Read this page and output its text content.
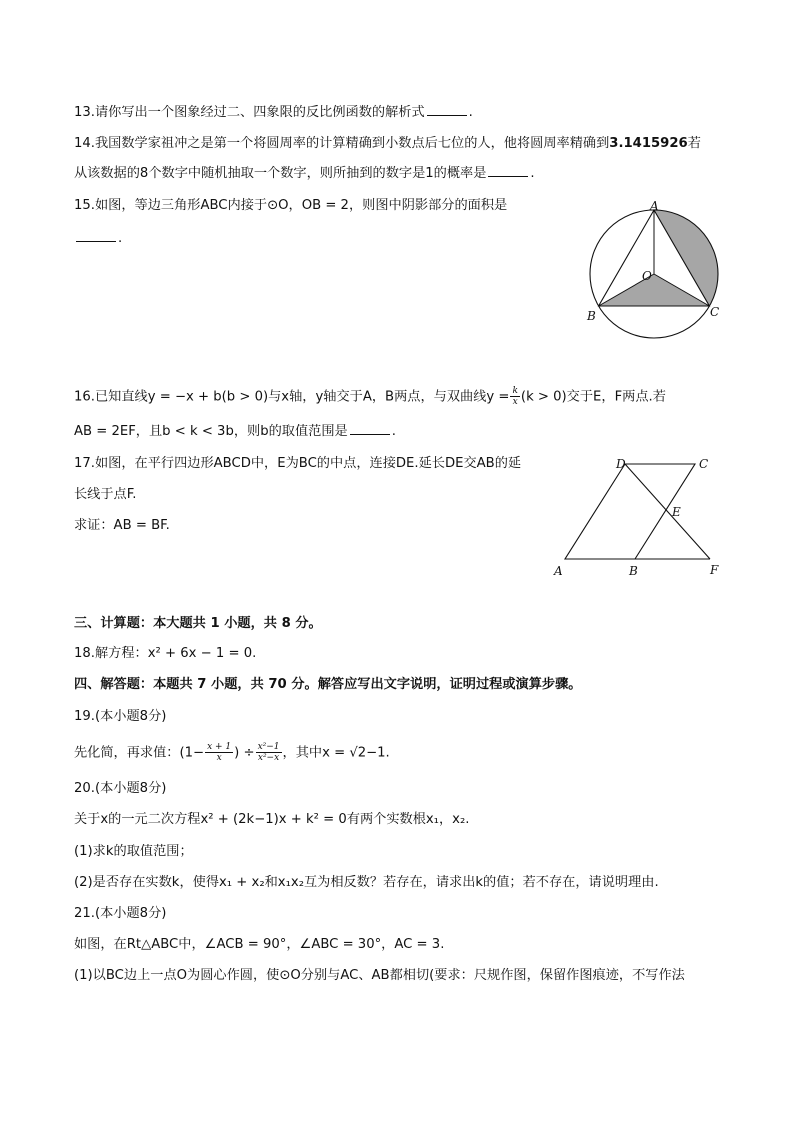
13.请你写出一个图象经过二、四象限的反比例函数的解析式	.
14.我国数学家祖冲之是第一个将圆周率的计算精确到小数点后七位的人，他将圆周率精确到3.1415926若
从该数据的8个数字中随机抽取一个数字，则所抽到的数字是1的概率是	.
15.如图，等边三角形ABC内接于⊙O，OB = 2，则图中阴影部分的面积是
.
A
B	C
O
16.已知直线y = −x + b(b > 0)与x轴，y轴交于A，B两点，与双曲线$y = \frac{k}{x} (k > 0)$交于E，F两点.若
AB = 2EF，且b < k < 3b，则b的取值范围是	.
17.如图，在平行四边形ABCD中，E为BC的中点，连接DE.延长DE交AB的延
长线于点F.
求证：AB = BF.
D	C
E
A	B	F
三、计算题：本大题共 1 小题，共 8 分。
18.解方程：x² + 6x − 1 = 0.
四、解答题：本题共 7 小题，共 70 分。解答应写出文字说明，证明过程或演算步骤。
19.(本小题8分)
先化简，再求值：($1- \frac{x + 1}{x}$ ) ÷ $\frac{\text{x²−1}}{\text{x²−x}}$ ，其中x = √2−1.
20.(本小题8分)
关于x的一元二次方程x² + (2k−1)x + k² = 0有两个实数根x₁，x₂.
(1)求k的取值范围；
(2)是否存在实数k，使得x₁ + x₂和x₁x₂互为相反数？若存在，请求出k的值；若不存在，请说明理由.
21.(本小题8分)
如图，在Rt△ABC中，∠ACB = 90°，∠ABC = 30°，AC = 3.
(1)以BC边上一点O为圆心作圆，使⊙O分别与AC、AB都相切(要求：尺规作图，保留作图痕迹，不写作法
